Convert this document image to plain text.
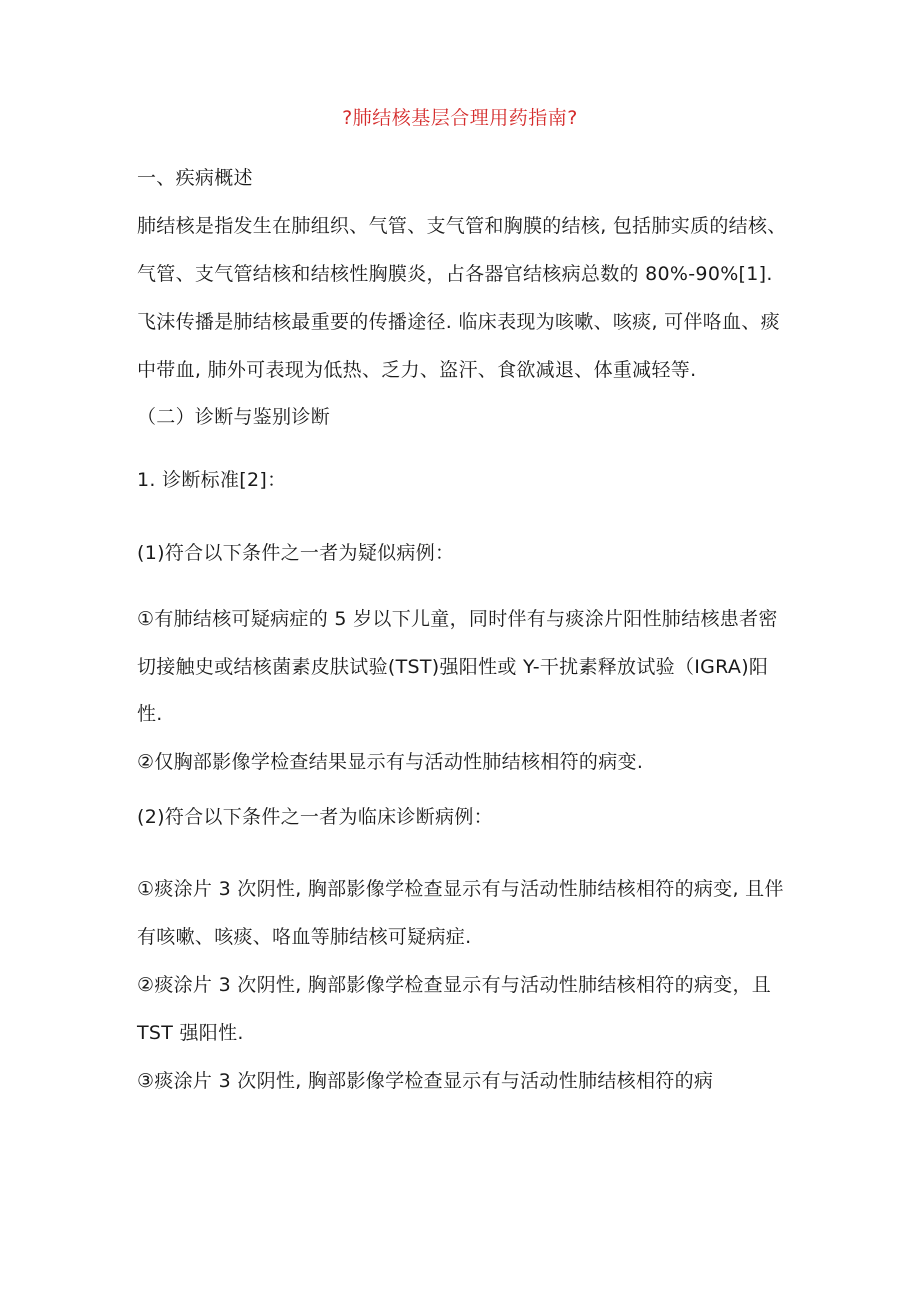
?肺结核基层合理用药指南?
一、疾病概述
肺结核是指发生在肺组织、气管、支气管和胸膜的结核, 包括肺实质的结核、
气管、支气管结核和结核性胸膜炎，占各器官结核病总数的 80%-90%[1].
飞沫传播是肺结核最重要的传播途径. 临床表现为咳嗽、咳痰, 可伴咯血、痰
中带血, 肺外可表现为低热、乏力、盗汗、食欲减退、体重减轻等.
（二）诊断与鉴别诊断
1. 诊断标准[2]：
(1)符合以下条件之一者为疑似病例：
①有肺结核可疑病症的 5 岁以下儿童，同时伴有与痰涂片阳性肺结核患者密
切接触史或结核菌素皮肤试验(TST)强阳性或 Y-干扰素释放试验（IGRA)阳
性.
②仅胸部影像学检查结果显示有与活动性肺结核相符的病变.
(2)符合以下条件之一者为临床诊断病例：
①痰涂片 3 次阴性, 胸部影像学检查显示有与活动性肺结核相符的病变, 且伴
有咳嗽、咳痰、咯血等肺结核可疑病症.
②痰涂片 3 次阴性, 胸部影像学检查显示有与活动性肺结核相符的病变，且
TST 强阳性.
③痰涂片 3 次阴性, 胸部影像学检查显示有与活动性肺结核相符的病
